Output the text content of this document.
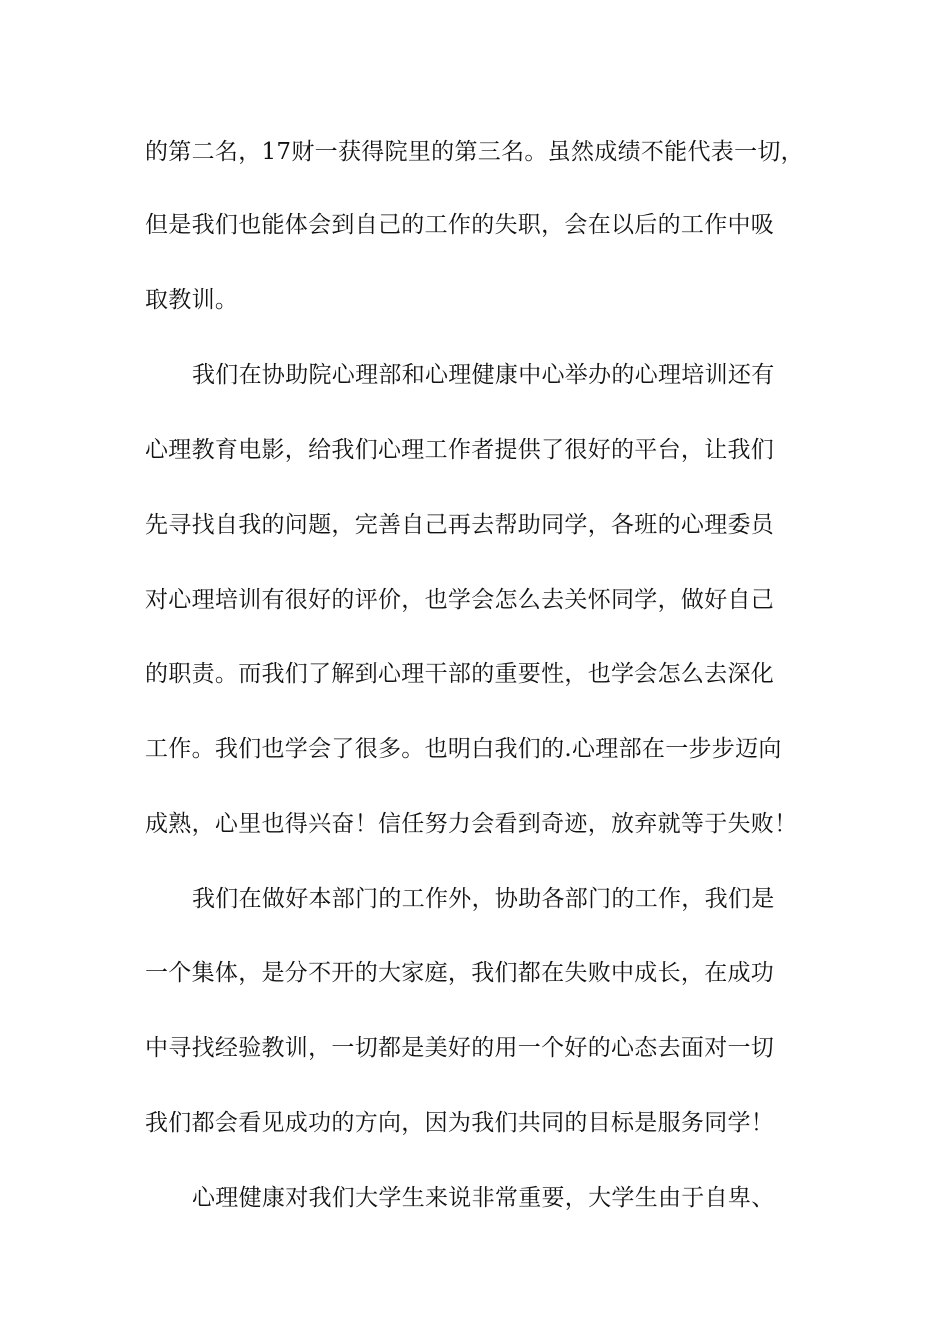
的第二名，17财一获得院里的第三名。虽然成绩不能代表一切，
但是我们也能体会到自己的工作的失职，会在以后的工作中吸
取教训。
我们在协助院心理部和心理健康中心举办的心理培训还有
心理教育电影，给我们心理工作者提供了很好的平台，让我们
先寻找自我的问题，完善自己再去帮助同学，各班的心理委员
对心理培训有很好的评价，也学会怎么去关怀同学，做好自己
的职责。而我们了解到心理干部的重要性，也学会怎么去深化
工作。我们也学会了很多。也明白我们的.心理部在一步步迈向
成熟，心里也得兴奋！信任努力会看到奇迹，放弃就等于失败！
我们在做好本部门的工作外，协助各部门的工作，我们是
一个集体，是分不开的大家庭，我们都在失败中成长，在成功
中寻找经验教训，一切都是美好的用一个好的心态去面对一切
我们都会看见成功的方向，因为我们共同的目标是服务同学！
心理健康对我们大学生来说非常重要，大学生由于自卑、
